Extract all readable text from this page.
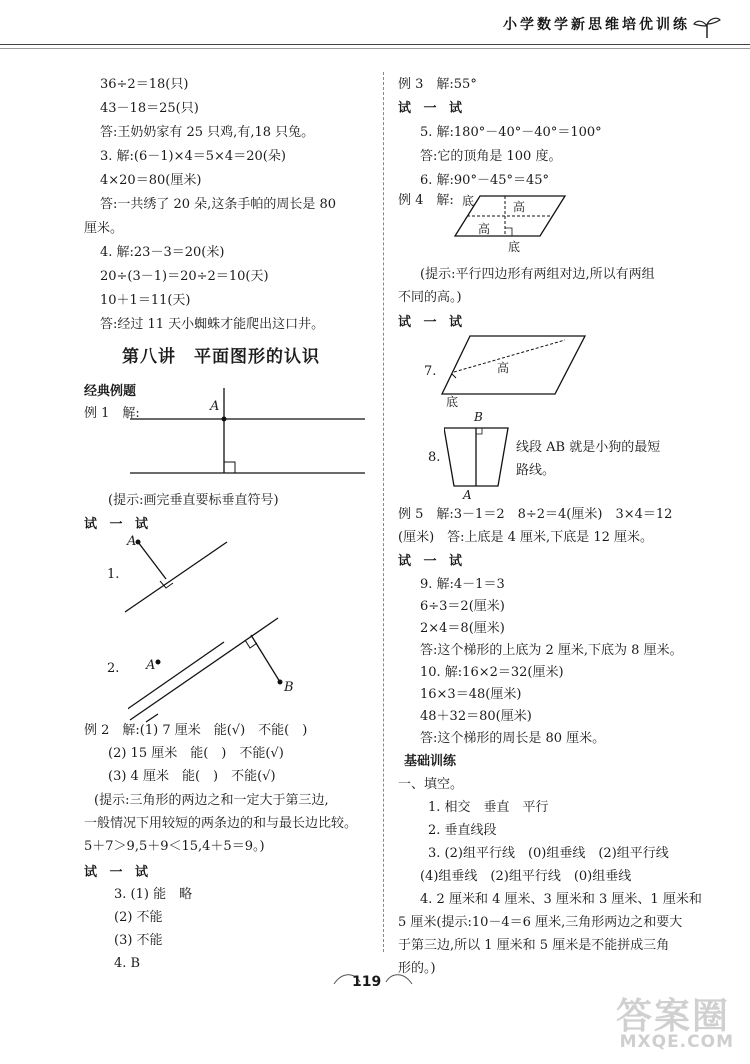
小学数学新思维培优训练
36÷2＝18(只)
43－18＝25(只)
答:王奶奶家有 25 只鸡,有,18 只兔。
3. 解:(6－1)×4＝5×4＝20(朵)
4×20＝80(厘米)
答:一共绣了 20 朵,这条手帕的周长是 80
厘米。
4. 解:23－3＝20(米)
20÷(3－1)＝20÷2＝10(天)
10＋1＝11(天)
答:经过 11 天小蜘蛛才能爬出这口井。
第八讲　平面图形的认识
经典例题
例 1　解:	A
(提示:画完垂直要标垂直符号)
试 一 试
1.
A
2. A
B
例 2　解:(1) 7 厘米　能(√)　不能(　)
(2) 15 厘米　能(　)　不能(√)
(3) 4 厘米　能(　)　不能(√)
(提示:三角形的两边之和一定大于第三边,
一般情况下用较短的两条边的和与最长边比较。
5＋7＞9,5＋9＜15,4＋5＝9。)
试 一 试
3. (1) 能　略
(2) 不能
(3) 不能
4. B
例 3　解:55°
试 一 试
5. 解:180°－40°－40°＝100°
答:它的顶角是 100 度。
6. 解:90°－45°＝45°
例 4　解: 底
高
高
底
(提示:平行四边形有两组对边,所以有两组
不同的高。)
试 一 试
7.	高
底
8.
B
A
线段 AB 就是小狗的最短
路线。
例 5　解:3－1＝2　8÷2＝4(厘米)　3×4＝12
(厘米)　答:上底是 4 厘米,下底是 12 厘米。
试 一 试
9. 解:4－1＝3
6÷3＝2(厘米)
2×4＝8(厘米)
答:这个梯形的上底为 2 厘米,下底为 8 厘米。
10. 解:16×2＝32(厘米)
16×3＝48(厘米)
48＋32＝80(厘米)
答:这个梯形的周长是 80 厘米。
基础训练
一、填空。
1. 相交　垂直　平行
2. 垂直线段
3. (2)组平行线　(0)组垂线　(2)组平行线
(4)组垂线　(2)组平行线　(0)组垂线
4. 2 厘米和 4 厘米、3 厘米和 3 厘米、1 厘米和
5 厘米(提示:10－4＝6 厘米,三角形两边之和要大
于第三边,所以 1 厘米和 5 厘米是不能拼成三角
形的。)
119
答案圈
MXQE.COM
